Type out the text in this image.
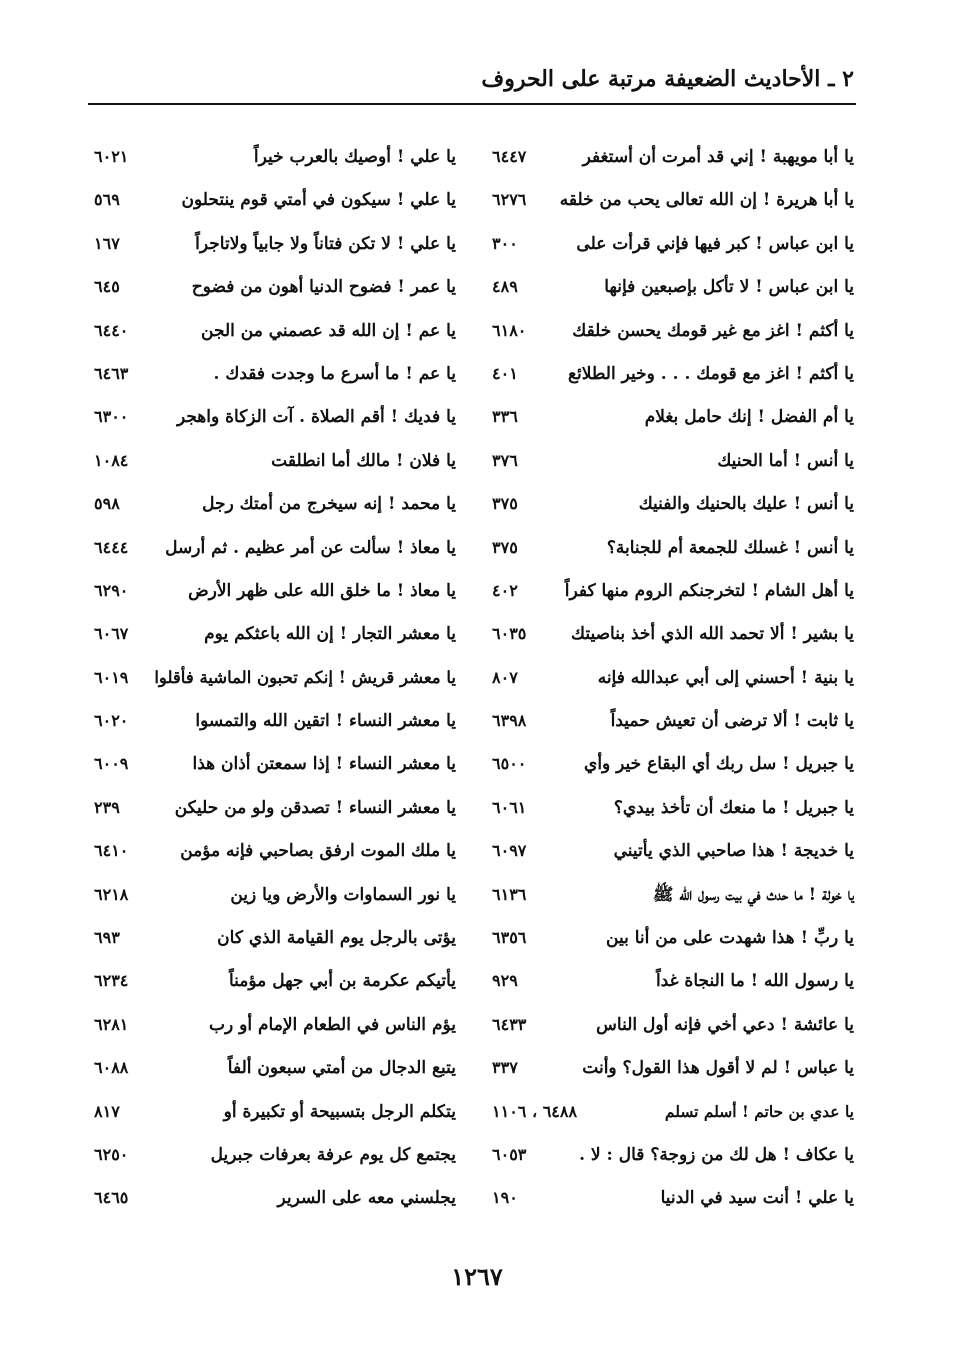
٢ ـ الأحاديث الضعيفة مرتبة على الحروف
يا أبا مويهبة ! إني قد أمرت أن أستغفر
٦٤٤٧
يا أبا هريرة ! إن الله تعالى يحب من خلقه
٦٢٧٦
يا ابن عباس ! كبر فيها فإني قرأت على
٣٠٠
يا ابن عباس ! لا تأكل بإصبعين فإنها
٤٨٩
يا أكثم ! اغز مع غير قومك يحسن خلقك
٦١٨٠
يا أكثم ! اغز مع قومك . . . وخير الطلائع
٤٠١
يا أم الفضل ! إنك حامل بغلام
٣٣٦
يا أنس ! أما الحنيك
٣٧٦
يا أنس ! عليك بالحنيك والفنيك
٣٧٥
يا أنس ! غسلك للجمعة أم للجنابة؟
٣٧٥
يا أهل الشام ! لتخرجنكم الروم منها كفراً
٤٠٢
يا بشير ! ألا تحمد الله الذي أخذ بناصيتك
٦٠٣٥
يا بنية ! أحسني إلى أبي عبدالله فإنه
٨٠٧
يا ثابت ! ألا ترضى أن تعيش حميداً
٦٣٩٨
يا جبريل ! سل ربك أي البقاع خير وأي
٦٥٠٠
يا جبريل ! ما منعك أن تأخذ بيدي؟
٦٠٦١
يا خديجة ! هذا صاحبي الذي يأتيني
٦٠٩٧
يا خولة ! ما حدث في بيت رسول الله ﷺ
٦١٣٦
يا ربِّ ! هذا شهدت على من أنا بين
٦٣٥٦
يا رسول الله ! ما النجاة غداً
٩٢٩
يا عائشة ! دعي أخي فإنه أول الناس
٦٤٣٣
يا عباس ! لم لا أقول هذا القول؟ وأنت
٣٣٧
يا عدي بن حاتم ! أسلم تسلم
٦٤٨٨ ، ١١٠٦
يا عكاف ! هل لك من زوجة؟ قال : لا .
٦٠٥٣
يا علي ! أنت سيد في الدنيا
١٩٠
يا علي ! أوصيك بالعرب خيراً
٦٠٢١
يا علي ! سيكون في أمتي قوم ينتحلون
٥٦٩
يا علي ! لا تكن فتاناً ولا جابياً ولاتاجراً
١٦٧
يا عمر ! فضوح الدنيا أهون من فضوح
٦٤٥
يا عم ! إن الله قد عصمني من الجن
٦٤٤٠
يا عم ! ما أسرع ما وجدت فقدك .
٦٤٦٣
يا فديك ! أقم الصلاة . آت الزكاة واهجر
٦٣٠٠
يا فلان ! مالك أما انطلقت
١٠٨٤
يا محمد ! إنه سيخرج من أمتك رجل
٥٩٨
يا معاذ ! سألت عن أمر عظيم . ثم أرسل
٦٤٤٤
يا معاذ ! ما خلق الله على ظهر الأرض
٦٢٩٠
يا معشر التجار ! إن الله باعثكم يوم
٦٠٦٧
يا معشر قريش ! إنكم تحبون الماشية فأقلوا
٦٠١٩
يا معشر النساء ! اتقين الله والتمسوا
٦٠٢٠
يا معشر النساء ! إذا سمعتن أذان هذا
٦٠٠٩
يا معشر النساء ! تصدقن ولو من حليكن
٢٣٩
يا ملك الموت ارفق بصاحبي فإنه مؤمن
٦٤١٠
يا نور السماوات والأرض ويا زين
٦٢١٨
يؤتى بالرجل يوم القيامة الذي كان
٦٩٣
يأتيكم عكرمة بن أبي جهل مؤمناً
٦٢٣٤
يؤم الناس في الطعام الإمام أو رب
٦٢٨١
يتبع الدجال من أمتي سبعون ألفاً
٦٠٨٨
يتكلم الرجل بتسبيحة أو تكبيرة أو
٨١٧
يجتمع كل يوم عرفة بعرفات جبريل
٦٢٥٠
يجلسني معه على السرير
٦٤٦٥
١٢٦٧
